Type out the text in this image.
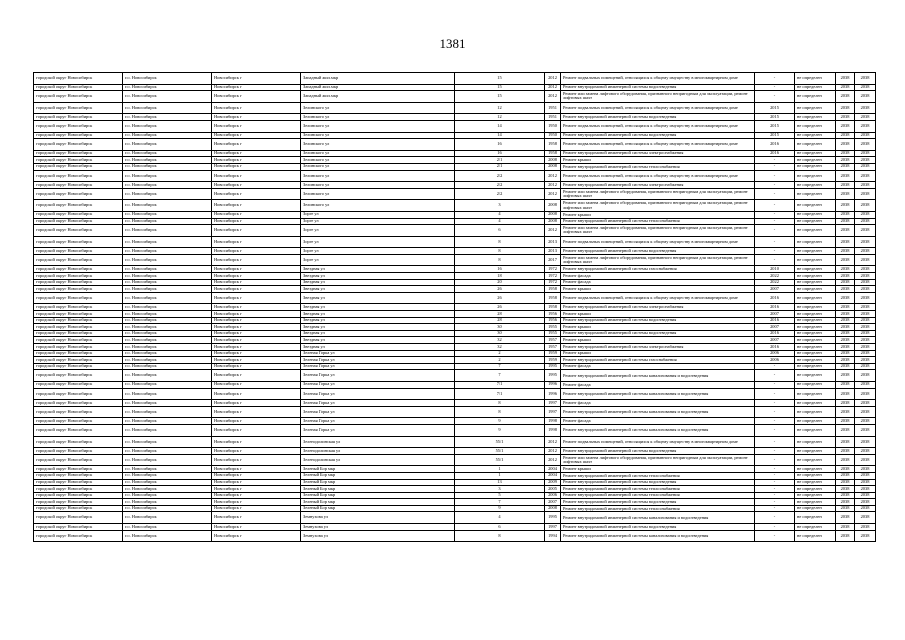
1381
городской округ Новосибирск	г.о. Новосибирск	Новосибирск г	Западный жил.мкр	15	2012	Ремонт подвальных помещений, относящихся к общему имуществу в многоквартирном доме	-	не определен	2038	2038
городской округ Новосибирск	г.о. Новосибирск	Новосибирск г	Западный жил.мкр	15	2012	Ремонт внутридомовой инженерной системы водоотведения	-	не определен	2038	2038
городской округ Новосибирск	г.о. Новосибирск	Новосибирск г	Западный жил.мкр	15	2012	Ремонт или замена лифтового оборудования, признанного непригодным для эксплуатации, ремонт лифтовых шахт	-	не определен	2038	2038
городской округ Новосибирск	г.о. Новосибирск	Новосибирск г	Зелинского ул	12	1951	Ремонт подвальных помещений, относящихся к общему имуществу в многоквартирном доме	2015	не определен	2038	2038
городской округ Новосибирск	г.о. Новосибирск	Новосибирск г	Зелинского ул	12	1951	Ремонт внутридомовой инженерной системы водоотведения	2015	не определен	2038	2038
городской округ Новосибирск	г.о. Новосибирск	Новосибирск г	Зелинского ул	14	1950	Ремонт подвальных помещений, относящихся к общему имуществу в многоквартирном доме	2015	не определен	2038	2038
городской округ Новосибирск	г.о. Новосибирск	Новосибирск г	Зелинского ул	14	1950	Ремонт внутридомовой инженерной системы водоотведения	2015	не определен	2038	2038
городской округ Новосибирск	г.о. Новосибирск	Новосибирск г	Зелинского ул	16	1958	Ремонт подвальных помещений, относящихся к общему имуществу в многоквартирном доме	2016	не определен	2038	2038
городской округ Новосибирск	г.о. Новосибирск	Новосибирск г	Зелинского ул	16	1958	Ремонт внутридомовой инженерной системы электроснабжения	2016	не определен	2038	2038
городской округ Новосибирск	г.о. Новосибирск	Новосибирск г	Зелинского ул	2/1	2008	Ремонт крыши	-	не определен	2038	2038
городской округ Новосибирск	г.о. Новосибирск	Новосибирск г	Зелинского ул	2/1	2008	Ремонт внутридомовой инженерной системы теплоснабжения	-	не определен	2038	2038
городской округ Новосибирск	г.о. Новосибирск	Новосибирск г	Зелинского ул	2/2	2012	Ремонт подвальных помещений, относящихся к общему имуществу в многоквартирном доме	-	не определен	2038	2038
городской округ Новосибирск	г.о. Новосибирск	Новосибирск г	Зелинского ул	2/2	2012	Ремонт внутридомовой инженерной системы электроснабжения	-	не определен	2038	2038
городской округ Новосибирск	г.о. Новосибирск	Новосибирск г	Зелинского ул	2/2	2012	Ремонт или замена лифтового оборудования, признанного непригодным для эксплуатации, ремонт лифтовых шахт	-	не определен	2038	2038
городской округ Новосибирск	г.о. Новосибирск	Новосибирск г	Зелинского ул	3	2008	Ремонт или замена лифтового оборудования, признанного непригодным для эксплуатации, ремонт лифтовых шахт	-	не определен	2038	2038
городской округ Новосибирск	г.о. Новосибирск	Новосибирск г	Зорге ул	4	2008	Ремонт крыши	-	не определен	2038	2038
городской округ Новосибирск	г.о. Новосибирск	Новосибирск г	Зорге ул	4	2008	Ремонт внутридомовой инженерной системы теплоснабжения	-	не определен	2038	2038
городской округ Новосибирск	г.о. Новосибирск	Новосибирск г	Зорге ул	6	2012	Ремонт или замена лифтового оборудования, признанного непригодным для эксплуатации, ремонт лифтовых шахт	-	не определен	2038	2038
городской округ Новосибирск	г.о. Новосибирск	Новосибирск г	Зорге ул	8	2013	Ремонт подвальных помещений, относящихся к общему имуществу в многоквартирном доме	-	не определен	2038	2038
городской округ Новосибирск	г.о. Новосибирск	Новосибирск г	Зорге ул	8	2013	Ремонт внутридомовой инженерной системы водоотведения	-	не определен	2038	2038
городской округ Новосибирск	г.о. Новосибирск	Новосибирск г	Зорге ул	8	2017	Ремонт или замена лифтового оборудования, признанного непригодным для эксплуатации, ремонт лифтовых шахт	-	не определен	2038	2038
городской округ Новосибирск	г.о. Новосибирск	Новосибирск г	Звездная ул	16	1972	Ремонт внутридомовой инженерной системы газоснабжения	2010	не определен	2038	2038
городской округ Новосибирск	г.о. Новосибирск	Новосибирск г	Звездная ул	18	1972	Ремонт фасада	2022	не определен	2038	2038
городской округ Новосибирск	г.о. Новосибирск	Новосибирск г	Звездная ул	20	1972	Ремонт фасада	2022	не определен	2038	2038
городской округ Новосибирск	г.о. Новосибирск	Новосибирск г	Звездная ул	26	1958	Ремонт крыши	2007	не определен	2038	2038
городской округ Новосибирск	г.о. Новосибирск	Новосибирск г	Звездная ул	26	1958	Ремонт подвальных помещений, относящихся к общему имуществу в многоквартирном доме	2016	не определен	2038	2038
городской округ Новосибирск	г.о. Новосибирск	Новосибирск г	Звездная ул	26	1958	Ремонт внутридомовой инженерной системы электроснабжения	2016	не определен	2038	2038
городской округ Новосибирск	г.о. Новосибирск	Новосибирск г	Звездная ул	28	1956	Ремонт крыши	2007	не определен	2038	2038
городской округ Новосибирск	г.о. Новосибирск	Новосибирск г	Звездная ул	28	1956	Ремонт внутридомовой инженерной системы водоотведения	2016	не определен	2038	2038
городской округ Новосибирск	г.о. Новосибирск	Новосибирск г	Звездная ул	30	1955	Ремонт крыши	2007	не определен	2038	2038
городской округ Новосибирск	г.о. Новосибирск	Новосибирск г	Звездная ул	30	1955	Ремонт внутридомовой инженерной системы водоотведения	2016	не определен	2038	2038
городской округ Новосибирск	г.о. Новосибирск	Новосибирск г	Звездная ул	32	1957	Ремонт крыши	2007	не определен	2038	2038
городской округ Новосибирск	г.о. Новосибирск	Новосибирск г	Звездная ул	32	1957	Ремонт внутридомовой инженерной системы электроснабжения	2016	не определен	2038	2038
городской округ Новосибирск	г.о. Новосибирск	Новосибирск г	Зеленая Горка ул	2	1959	Ремонт крыши	2006	не определен	2038	2038
городской округ Новосибирск	г.о. Новосибирск	Новосибирск г	Зеленая Горка ул	2	1959	Ремонт внутридомовой инженерной системы газоснабжения	2006	не определен	2038	2038
городской округ Новосибирск	г.о. Новосибирск	Новосибирск г	Зеленая Горка ул	7	1995	Ремонт фасада	-	не определен	2038	2038
городской округ Новосибирск	г.о. Новосибирск	Новосибирск г	Зеленая Горка ул	7	1995	Ремонт внутридомовой инженерной системы канализования и водоотведения	-	не определен	2038	2038
городской округ Новосибирск	г.о. Новосибирск	Новосибирск г	Зеленая Горка ул	7/1	1996	Ремонт фасада	-	не определен	2038	2038
городской округ Новосибирск	г.о. Новосибирск	Новосибирск г	Зеленая Горка ул	7/1	1996	Ремонт внутридомовой инженерной системы канализования и водоотведения	-	не определен	2038	2038
городской округ Новосибирск	г.о. Новосибирск	Новосибирск г	Зеленая Горка ул	8	1997	Ремонт фасада	-	не определен	2038	2038
городской округ Новосибирск	г.о. Новосибирск	Новосибирск г	Зеленая Горка ул	8	1997	Ремонт внутридомовой инженерной системы канализования и водоотведения	-	не определен	2038	2038
городской округ Новосибирск	г.о. Новосибирск	Новосибирск г	Зеленая Горка ул	9	1998	Ремонт фасада	-	не определен	2038	2038
городской округ Новосибирск	г.о. Новосибирск	Новосибирск г	Зеленая Горка ул	9	1998	Ремонт внутридомовой инженерной системы канализования и водоотведения	-	не определен	2038	2038
городской округ Новосибирск	г.о. Новосибирск	Новосибирск г	Зеленодолинская ул	55/1	2012	Ремонт подвальных помещений, относящихся к общему имуществу в многоквартирном доме	-	не определен	2038	2038
городской округ Новосибирск	г.о. Новосибирск	Новосибирск г	Зеленодолинская ул	55/1	2012	Ремонт внутридомовой инженерной системы водоотведения	-	не определен	2038	2038
городской округ Новосибирск	г.о. Новосибирск	Новосибирск г	Зеленодолинская ул	55/1	2012	Ремонт или замена лифтового оборудования, признанного непригодным для эксплуатации, ремонт лифтовых шахт	-	не определен	2038	2038
городской округ Новосибирск	г.о. Новосибирск	Новосибирск г	Зеленый Бор мкр	1	2004	Ремонт крыши	-	не определен	2038	2038
городской округ Новосибирск	г.о. Новосибирск	Новосибирск г	Зеленый Бор мкр	1	2004	Ремонт внутридомовой инженерной системы теплоснабжения	-	не определен	2038	2038
городской округ Новосибирск	г.о. Новосибирск	Новосибирск г	Зеленый Бор мкр	13	2009	Ремонт внутридомовой инженерной системы водоотведения	-	не определен	2038	2038
городской округ Новосибирск	г.о. Новосибирск	Новосибирск г	Зеленый Бор мкр	3	2005	Ремонт внутридомовой инженерной системы теплоснабжения	-	не определен	2038	2038
городской округ Новосибирск	г.о. Новосибирск	Новосибирск г	Зеленый Бор мкр	5	2006	Ремонт внутридомовой инженерной системы теплоснабжения	-	не определен	2038	2038
городской округ Новосибирск	г.о. Новосибирск	Новосибирск г	Зеленый Бор мкр	7	2007	Ремонт внутридомовой инженерной системы водоотведения	-	не определен	2038	2038
городской округ Новосибирск	г.о. Новосибирск	Новосибирск г	Зеленый Бор мкр	9	2008	Ремонт внутридомовой инженерной системы теплоснабжения	-	не определен	2038	2038
городской округ Новосибирск	г.о. Новосибирск	Новосибирск г	Земнухова ул	4	1995	Ремонт внутридомовой инженерной системы канализования и водоотведения	-	не определен	2038	2038
городской округ Новосибирск	г.о. Новосибирск	Новосибирск г	Земнухова ул	6	1997	Ремонт внутридомовой инженерной системы водоотведения	-	не определен	2038	2038
городской округ Новосибирск	г.о. Новосибирск	Новосибирск г	Земнухова ул	8	1994	Ремонт внутридомовой инженерной системы канализования и водоотведения	-	не определен	2038	2038
